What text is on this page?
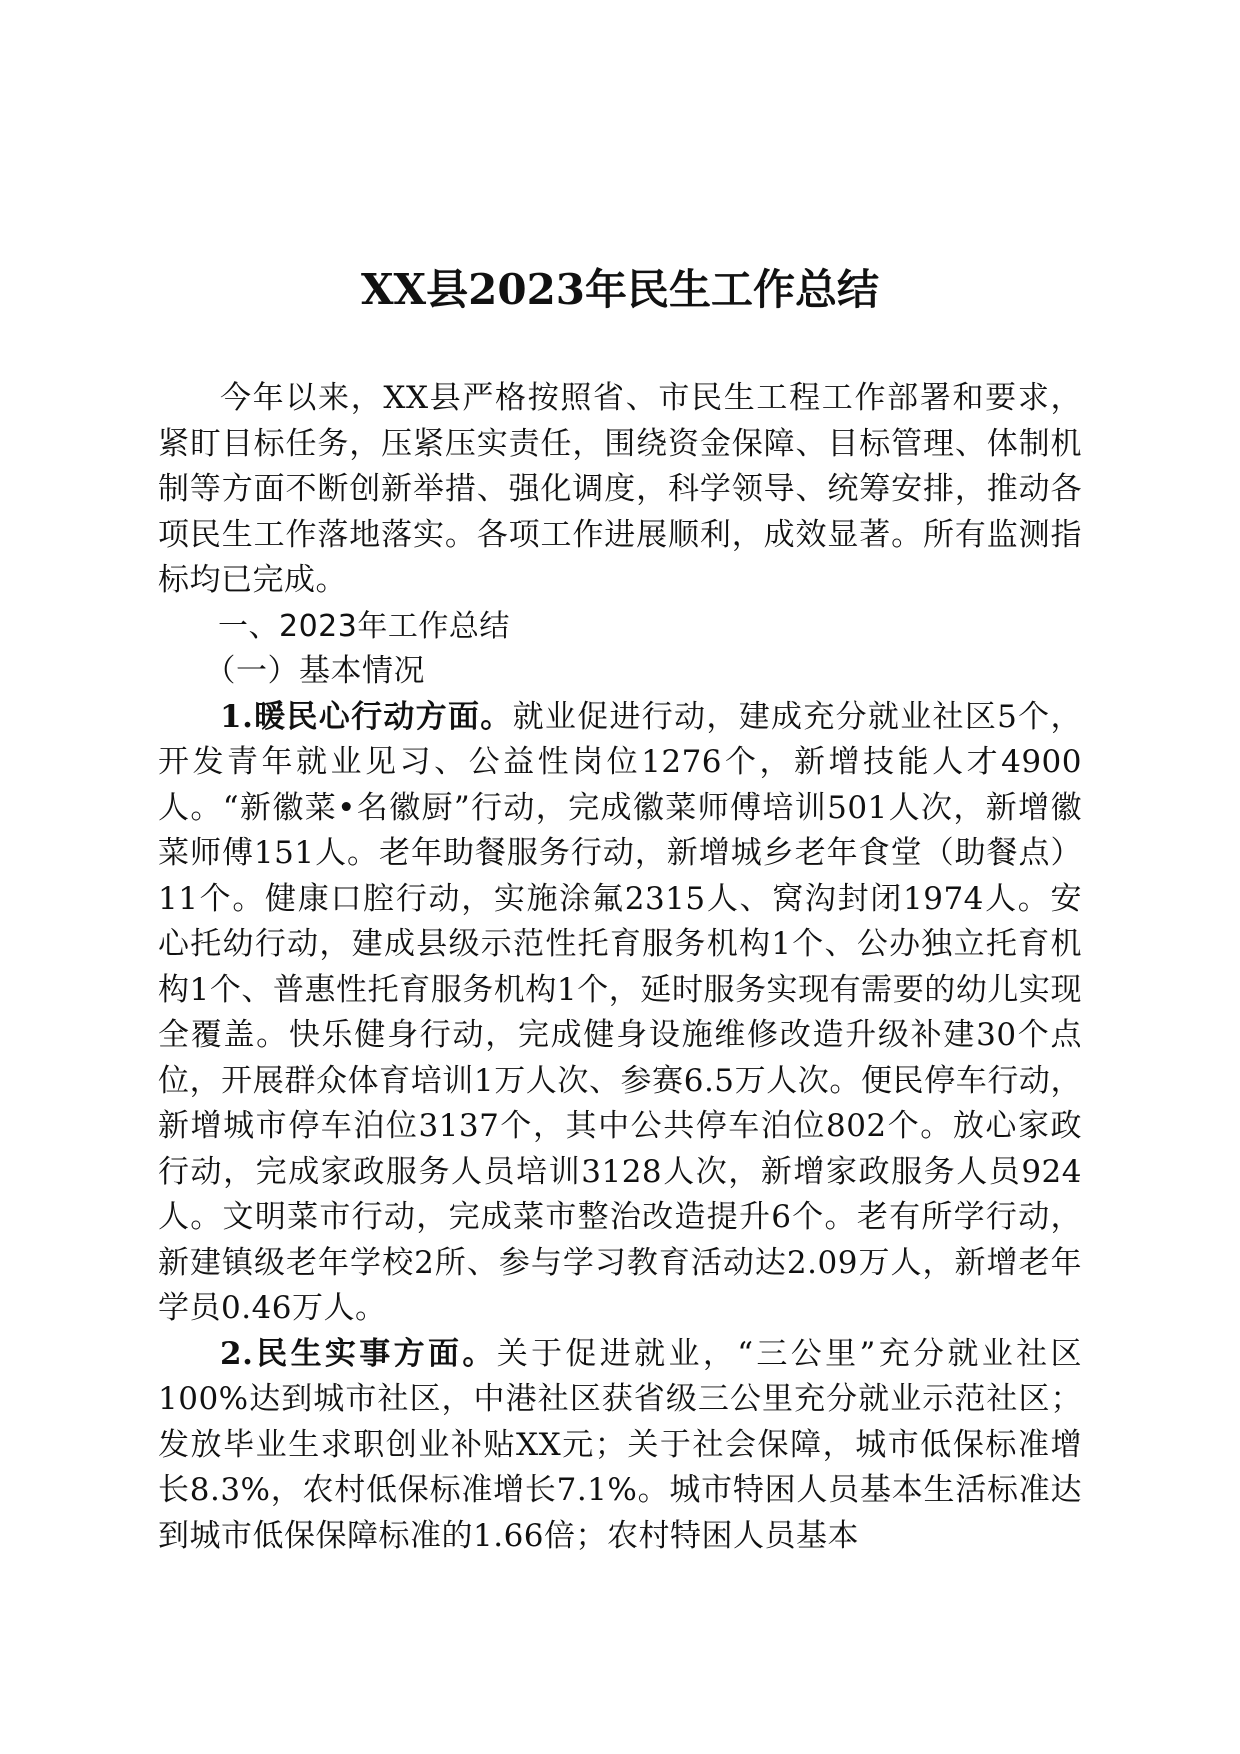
XX县2023年民生工作总结

今年以来，XX县严格按照省、市民生工程工作部署和要求，紧盯目标任务，压紧压实责任，围绕资金保障、目标管理、体制机制等方面不断创新举措、强化调度，科学领导、统筹安排，推动各项民生工作落地落实。各项工作进展顺利，成效显著。所有监测指标均已完成。

一、2023年工作总结

（一）基本情况

1.暖民心行动方面。就业促进行动，建成充分就业社区5个，开发青年就业见习、公益性岗位1276个，新增技能人才4900人。“新徽菜•名徽厨”行动，完成徽菜师傅培训501人次，新增徽菜师傅151人。老年助餐服务行动，新增城乡老年食堂（助餐点）11个。健康口腔行动，实施涂氟2315人、窝沟封闭1974人。安心托幼行动，建成县级示范性托育服务机构1个、公办独立托育机构1个、普惠性托育服务机构1个，延时服务实现有需要的幼儿实现全覆盖。快乐健身行动，完成健身设施维修改造升级补建30个点位，开展群众体育培训1万人次、参赛6.5万人次。便民停车行动，新增城市停车泊位3137个，其中公共停车泊位802个。放心家政行动，完成家政服务人员培训3128人次，新增家政服务人员924人。文明菜市行动，完成菜市整治改造提升6个。老有所学行动，新建镇级老年学校2所、参与学习教育活动达2.09万人，新增老年学员0.46万人。

2.民生实事方面。关于促进就业，“三公里”充分就业社区100%达到城市社区，中港社区获省级三公里充分就业示范社区；发放毕业生求职创业补贴XX元；关于社会保障，城市低保标准增长8.3%，农村低保标准增长7.1%。城市特困人员基本生活标准达到城市低保保障标准的1.66倍；农村特困人员基本
